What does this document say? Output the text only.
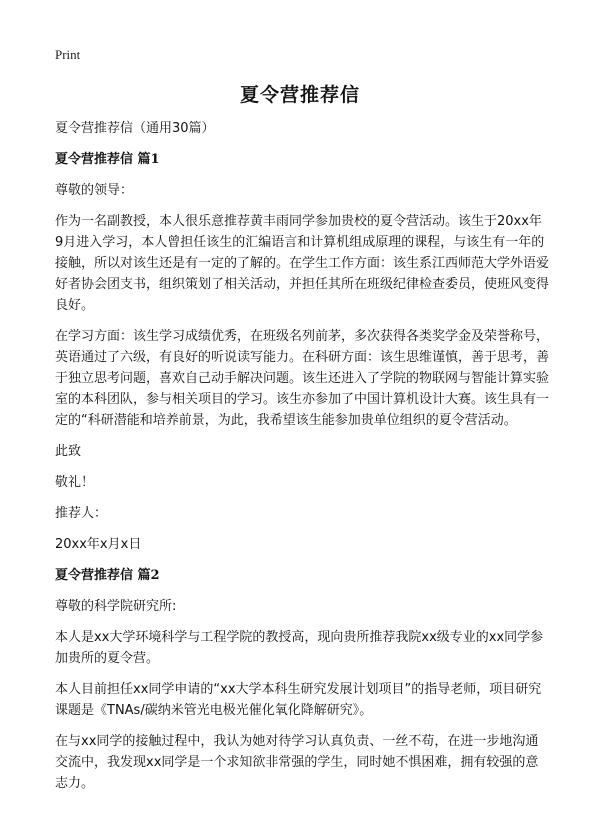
Print
夏令营推荐信

夏令营推荐信（通用30篇）

夏令营推荐信 篇1

尊敬的领导：

作为一名副教授，本人很乐意推荐黄丰雨同学参加贵校的夏令营活动。该生于20xx年9月进入学习，本人曾担任该生的汇编语言和计算机组成原理的课程，与该生有一年的接触，所以对该生还是有一定的了解的。在学生工作方面：该生系江西师范大学外语爱好者协会团支书，组织策划了相关活动，并担任其所在班级纪律检查委员，使班风变得良好。

在学习方面：该生学习成绩优秀，在班级名列前茅，多次获得各类奖学金及荣誉称号，英语通过了六级，有良好的听说读写能力。在科研方面：该生思维谨慎，善于思考，善于独立思考问题，喜欢自己动手解决问题。该生还进入了学院的物联网与智能计算实验室的本科团队，参与相关项目的学习。该生亦参加了中国计算机设计大赛。该生具有一定的“科研潜能和培养前景，为此，我希望该生能参加贵单位组织的夏令营活动。

此致

敬礼！

推荐人：

20xx年x月x日

夏令营推荐信 篇2

尊敬的科学院研究所:

本人是xx大学环境科学与工程学院的教授高，现向贵所推荐我院xx级专业的xx同学参加贵所的夏令营。

本人目前担任xx同学申请的“xx大学本科生研究发展计划项目”的指导老师，项目研究课题是《TNAs/碳纳米管光电极光催化氧化降解研究》。

在与xx同学的接触过程中，我认为她对待学习认真负责、一丝不苟，在进一步地沟通交流中，我发现xx同学是一个求知欲非常强的学生，同时她不惧困难，拥有较强的意志力。
